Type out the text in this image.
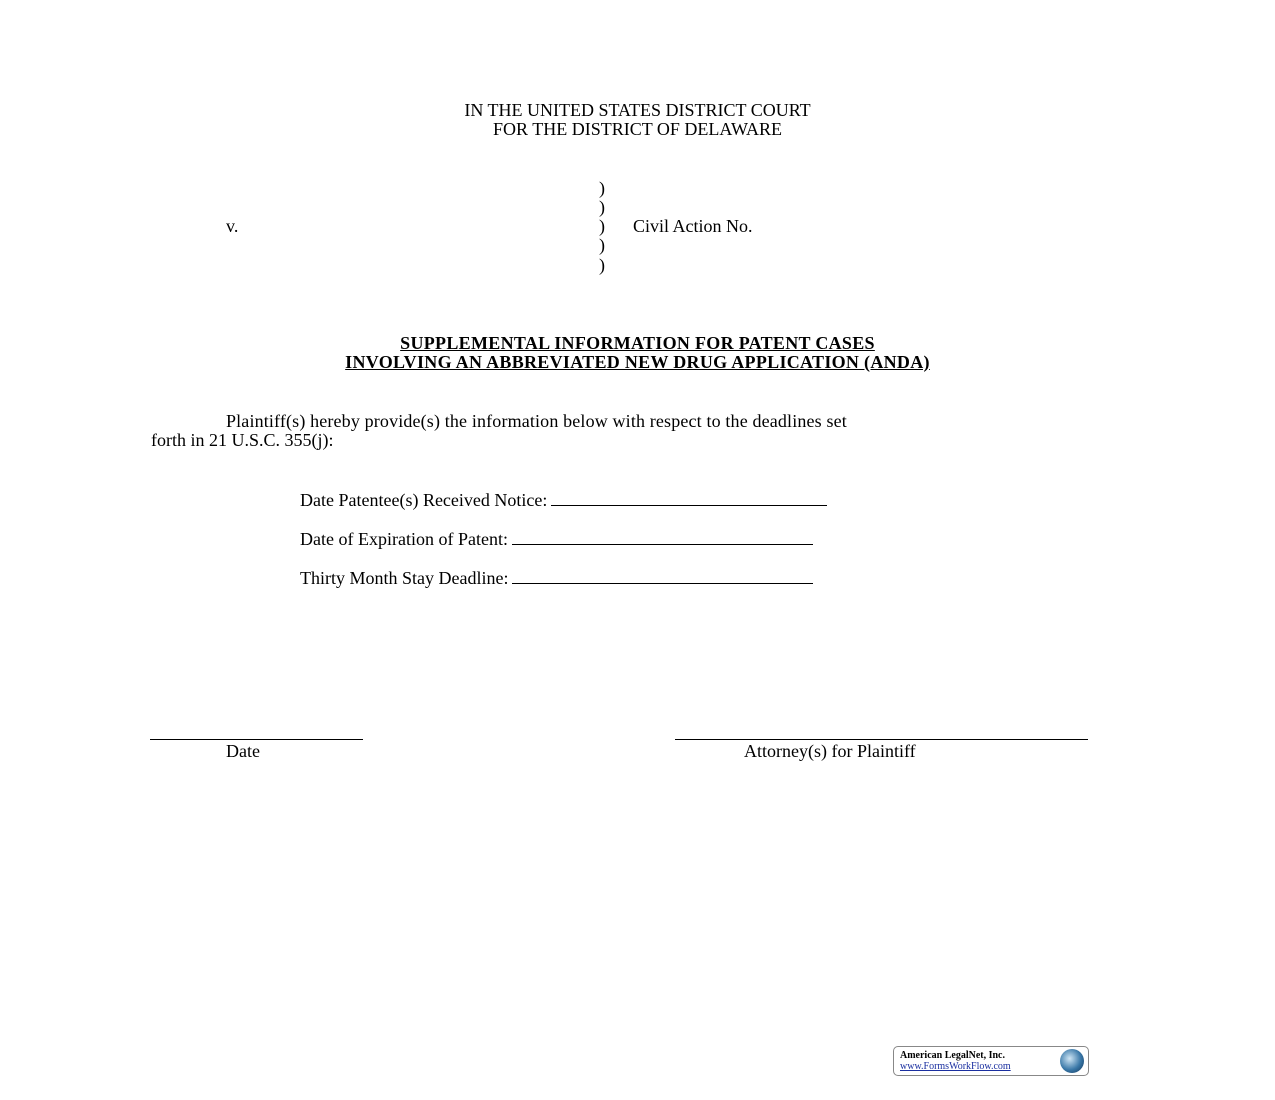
IN THE UNITED STATES DISTRICT COURT
FOR THE DISTRICT OF DELAWARE
)
)
)
)
)
v.	Civil Action No.
SUPPLEMENTAL INFORMATION FOR PATENT CASES
INVOLVING AN ABBREVIATED NEW DRUG APPLICATION (ANDA)
Plaintiff(s) hereby provide(s) the information below with respect to the deadlines set
forth in 21 U.S.C. 355(j):
Date Patentee(s) Received Notice:
Date of Expiration of Patent:
Thirty Month Stay Deadline:
Date	Attorney(s) for Plaintiff
American LegalNet, Inc.
www.FormsWorkFlow.com
